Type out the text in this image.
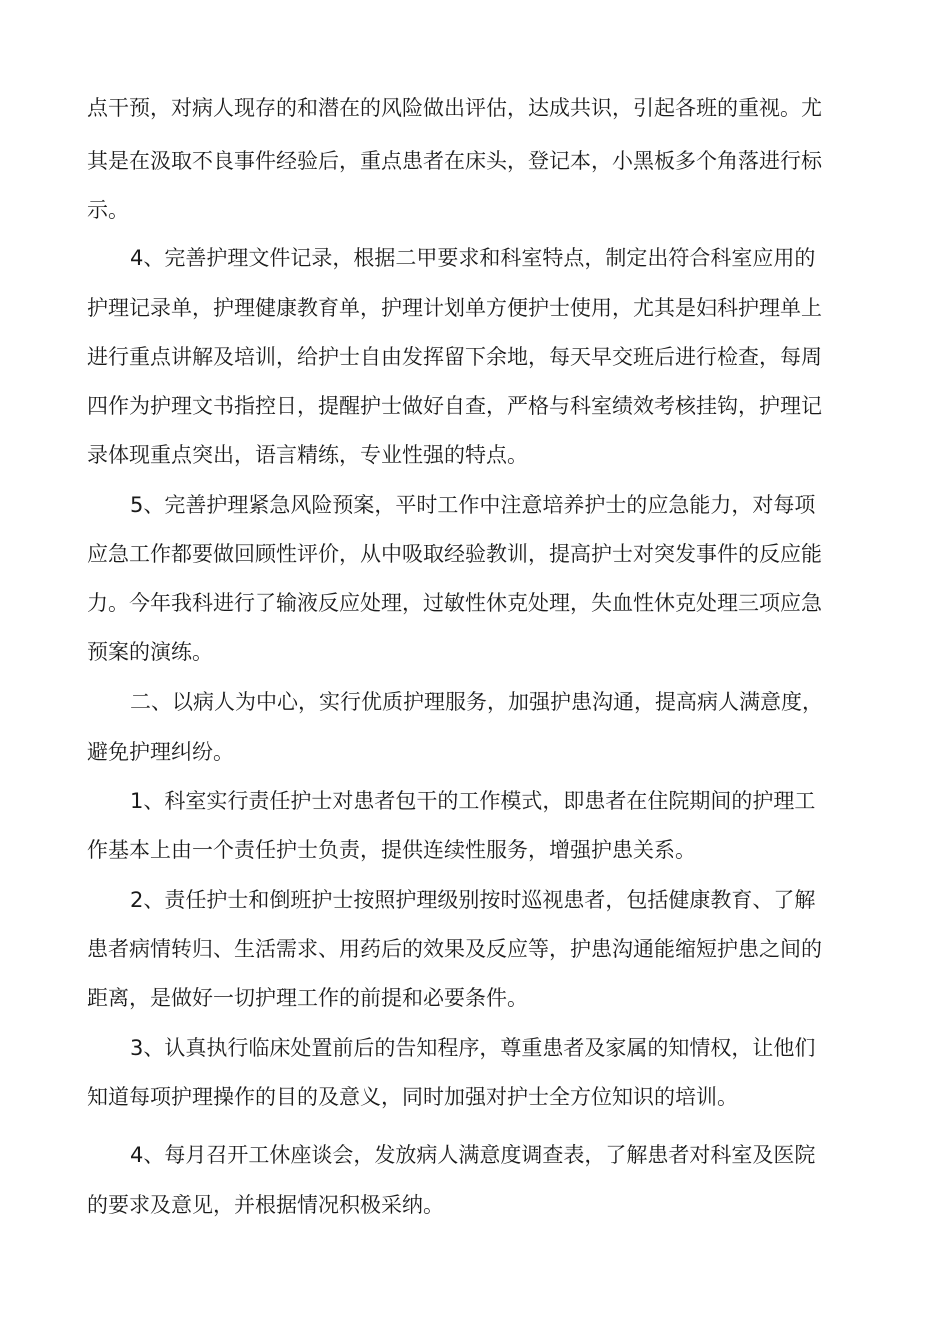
点干预，对病人现存的和潜在的风险做出评估，达成共识，引起各班的重视。尤
其是在汲取不良事件经验后，重点患者在床头，登记本，小黑板多个角落进行标
示。
4、完善护理文件记录，根据二甲要求和科室特点，制定出符合科室应用的
护理记录单，护理健康教育单，护理计划单方便护士使用，尤其是妇科护理单上
进行重点讲解及培训，给护士自由发挥留下余地，每天早交班后进行检查，每周
四作为护理文书指控日，提醒护士做好自查，严格与科室绩效考核挂钩，护理记
录体现重点突出，语言精练，专业性强的特点。
5、完善护理紧急风险预案，平时工作中注意培养护士的应急能力，对每项
应急工作都要做回顾性评价，从中吸取经验教训，提高护士对突发事件的反应能
力。今年我科进行了输液反应处理，过敏性休克处理，失血性休克处理三项应急
预案的演练。
二、以病人为中心，实行优质护理服务，加强护患沟通，提高病人满意度，
避免护理纠纷。
1、科室实行责任护士对患者包干的工作模式，即患者在住院期间的护理工
作基本上由一个责任护士负责，提供连续性服务，增强护患关系。
2、责任护士和倒班护士按照护理级别按时巡视患者，包括健康教育、了解
患者病情转归、生活需求、用药后的效果及反应等，护患沟通能缩短护患之间的
距离，是做好一切护理工作的前提和必要条件。
3、认真执行临床处置前后的告知程序，尊重患者及家属的知情权，让他们
知道每项护理操作的目的及意义，同时加强对护士全方位知识的培训。
4、每月召开工休座谈会，发放病人满意度调查表，了解患者对科室及医院
的要求及意见，并根据情况积极采纳。
